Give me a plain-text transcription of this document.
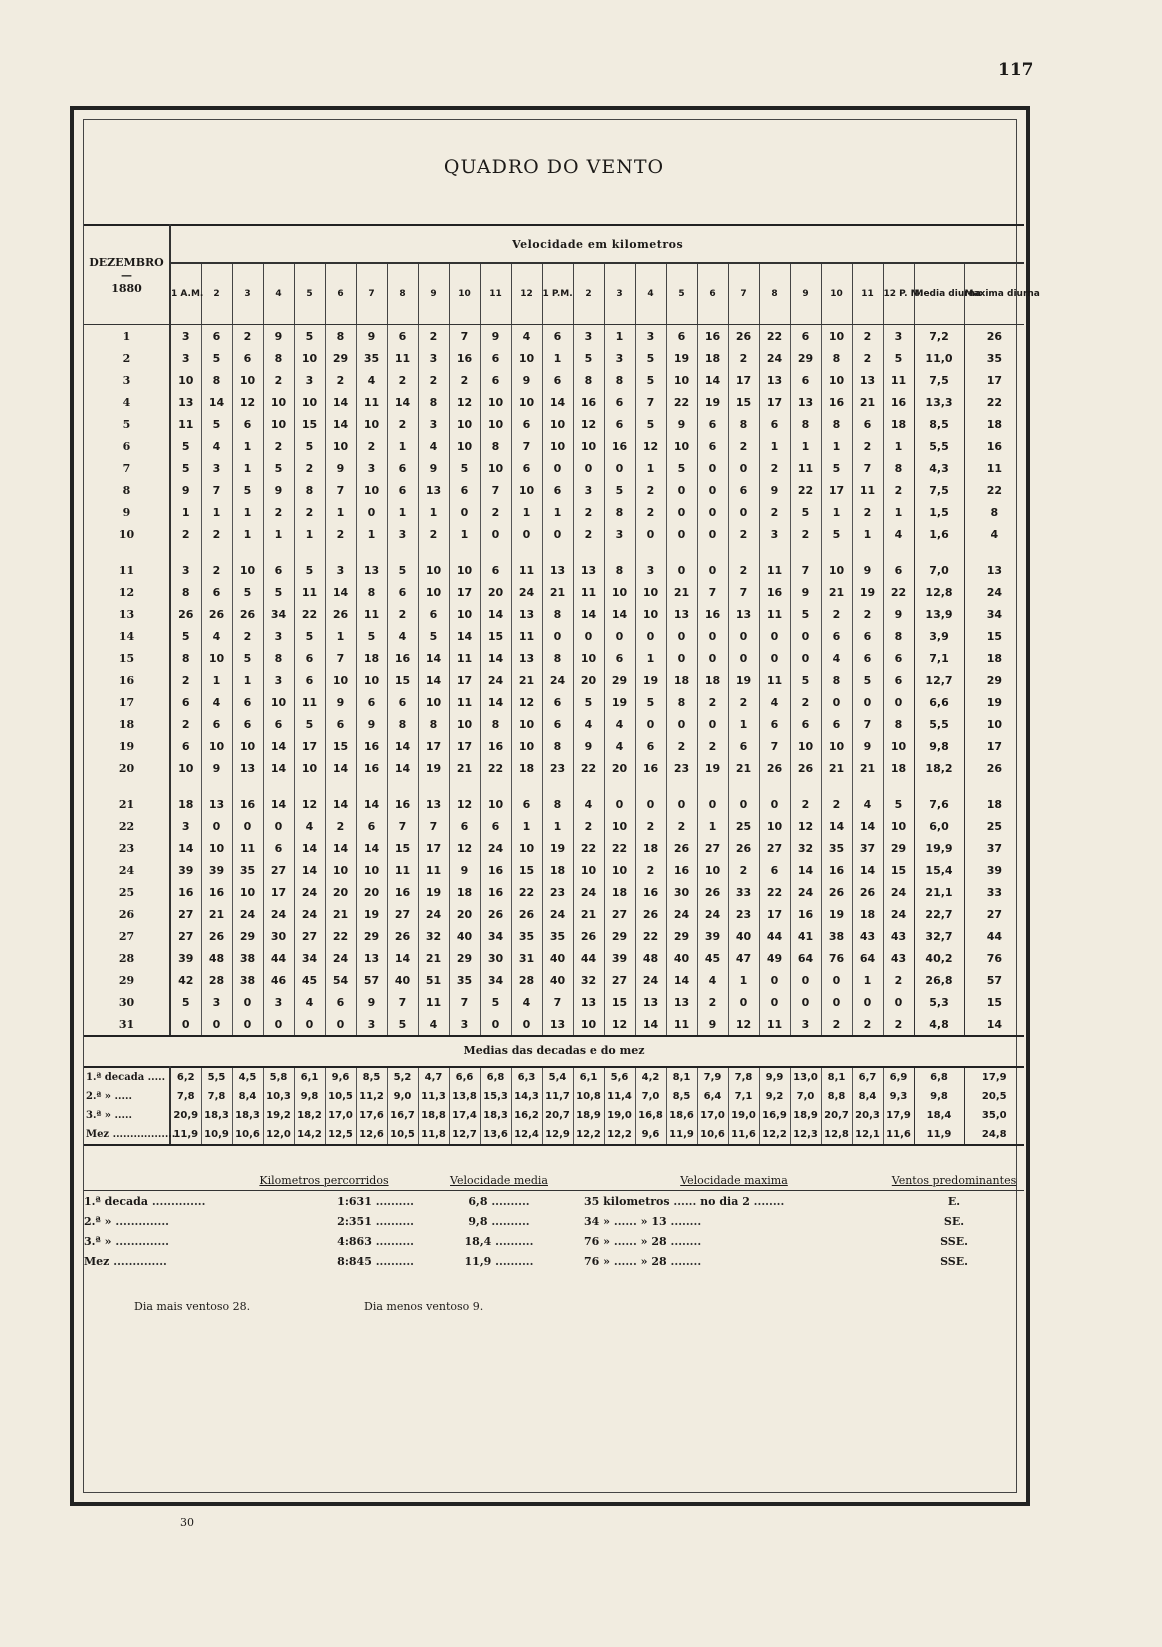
117
QUADRO DO VENTO
DEZEMBRO
—
1880	Velocidade em kilometros																									
	1 A.M.	2	3	4	5	6	7	8	9	10	11	12	1 P.M.	2	3	4	5	6	7	8	9	10	11	12 P. M.	Media diurna	Maxima diurna
1	3	6	2	9	5	8	9	6	2	7	9	4	6	3	1	3	6	16	26	22	6	10	2	3	7,2	26
2	3	5	6	8	10	29	35	11	3	16	6	10	1	5	3	5	19	18	2	24	29	8	2	5	11,0	35
3	10	8	10	2	3	2	4	2	2	2	6	9	6	8	8	5	10	14	17	13	6	10	13	11	7,5	17
4	13	14	12	10	10	14	11	14	8	12	10	10	14	16	6	7	22	19	15	17	13	16	21	16	13,3	22
5	11	5	6	10	15	14	10	2	3	10	10	6	10	12	6	5	9	6	8	6	8	8	6	18	8,5	18
6	5	4	1	2	5	10	2	1	4	10	8	7	10	10	16	12	10	6	2	1	1	1	2	1	5,5	16
7	5	3	1	5	2	9	3	6	9	5	10	6	0	0	0	1	5	0	0	2	11	5	7	8	4,3	11
8	9	7	5	9	8	7	10	6	13	6	7	10	6	3	5	2	0	0	6	9	22	17	11	2	7,5	22
9	1	1	1	2	2	1	0	1	1	0	2	1	1	2	8	2	0	0	0	2	5	1	2	1	1,5	8
10	2	2	1	1	1	2	1	3	2	1	0	0	0	2	3	0	0	0	2	3	2	5	1	4	1,6	4

11	3	2	10	6	5	3	13	5	10	10	6	11	13	13	8	3	0	0	2	11	7	10	9	6	7,0	13
12	8	6	5	5	11	14	8	6	10	17	20	24	21	11	10	10	21	7	7	16	9	21	19	22	12,8	24
13	26	26	26	34	22	26	11	2	6	10	14	13	8	14	14	10	13	16	13	11	5	2	2	9	13,9	34
14	5	4	2	3	5	1	5	4	5	14	15	11	0	0	0	0	0	0	0	0	0	6	6	8	3,9	15
15	8	10	5	8	6	7	18	16	14	11	14	13	8	10	6	1	0	0	0	0	0	4	6	6	7,1	18
16	2	1	1	3	6	10	10	15	14	17	24	21	24	20	29	19	18	18	19	11	5	8	5	6	12,7	29
17	6	4	6	10	11	9	6	6	10	11	14	12	6	5	19	5	8	2	2	4	2	0	0	0	6,6	19
18	2	6	6	6	5	6	9	8	8	10	8	10	6	4	4	0	0	0	1	6	6	6	7	8	5,5	10
19	6	10	10	14	17	15	16	14	17	17	16	10	8	9	4	6	2	2	6	7	10	10	9	10	9,8	17
20	10	9	13	14	10	14	16	14	19	21	22	18	23	22	20	16	23	19	21	26	26	21	21	18	18,2	26

21	18	13	16	14	12	14	14	16	13	12	10	6	8	4	0	0	0	0	0	0	2	2	4	5	7,6	18
22	3	0	0	0	4	2	6	7	7	6	6	1	1	2	10	2	2	1	25	10	12	14	14	10	6,0	25
23	14	10	11	6	14	14	14	15	17	12	24	10	19	22	22	18	26	27	26	27	32	35	37	29	19,9	37
24	39	39	35	27	14	10	10	11	11	9	16	15	18	10	10	2	16	10	2	6	14	16	14	15	15,4	39
25	16	16	10	17	24	20	20	16	19	18	16	22	23	24	18	16	30	26	33	22	24	26	26	24	21,1	33
26	27	21	24	24	24	21	19	27	24	20	26	26	24	21	27	26	24	24	23	17	16	19	18	24	22,7	27
27	27	26	29	30	27	22	29	26	32	40	34	35	35	26	29	22	29	39	40	44	41	38	43	43	32,7	44
28	39	48	38	44	34	24	13	14	21	29	30	31	40	44	39	48	40	45	47	49	64	76	64	43	40,2	76
29	42	28	38	46	45	54	57	40	51	35	34	28	40	32	27	24	14	4	1	0	0	0	1	2	26,8	57
30	5	3	0	3	4	6	9	7	11	7	5	4	7	13	15	13	13	2	0	0	0	0	0	0	5,3	15
31	0	0	0	0	0	0	3	5	4	3	0	0	13	10	12	14	11	9	12	11	3	2	2	2	4,8	14
Medias das decadas e do mez
1.ª decada .....	6,2	5,5	4,5	5,8	6,1	9,6	8,5	5,2	4,7	6,6	6,8	6,3	5,4	6,1	5,6	4,2	8,1	7,9	7,8	9,9	13,0	8,1	6,7	6,9	6,8	17,9
2.ª » .....	7,8	7,8	8,4	10,3	9,8	10,5	11,2	9,0	11,3	13,8	15,3	14,3	11,7	10,8	11,4	7,0	8,5	6,4	7,1	9,2	7,0	8,8	8,4	9,3	9,8	20,5
3.ª » .....	20,9	18,3	18,3	19,2	18,2	17,0	17,6	16,7	18,8	17,4	18,3	16,2	20,7	18,9	19,0	16,8	18,6	17,0	19,0	16,9	18,9	20,7	20,3	17,9	18,4	35,0
Mez ..................	11,9	10,9	10,6	12,0	14,2	12,5	12,6	10,5	11,8	12,7	13,6	12,4	12,9	12,2	12,2	9,6	11,9	10,6	11,6	12,2	12,3	12,8	12,1	11,6	11,9	24,8
	Kilometros percorridos	Velocidade media	Velocidade maxima	Ventos predominantes
1.ª decada ..............	1:631 ..........	6,8 ..........	35 kilometros ...... no dia 2 ........	E.
2.ª » ..............	2:351 ..........	9,8 ..........	34 » ...... » 13 ........	SE.
3.ª » ..............	4:863 ..........	18,4 ..........	76 » ...... » 28 ........	SSE.
Mez ..............	8:845 ..........	11,9 ..........	76 » ...... » 28 ........	SSE.
Dia mais ventoso 28.	Dia menos ventoso 9.
30
